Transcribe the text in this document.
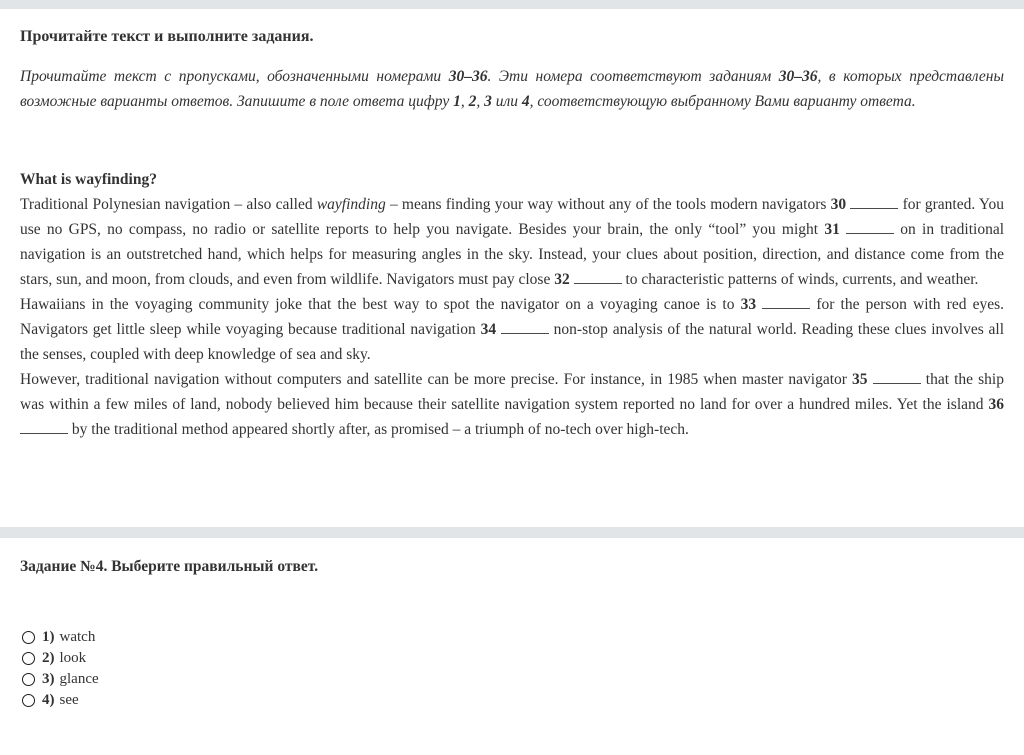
Прочитайте текст и выполните задания.

Прочитайте текст с пропусками, обозначенными номерами 30–36. Эти номера соответствуют заданиям 30–36, в которых представлены возможные варианты ответов. Запишите в поле ответа цифру 1, 2, 3 или 4, соответствующую выбранному Вами варианту ответа.

What is wayfinding?

Traditional Polynesian navigation – also called wayfinding – means finding your way without any of the tools modern navigators 30	for granted. You use no GPS, no compass, no radio or satellite reports to help you navigate. Besides your brain, the only “tool” you might 31	on in traditional navigation is an outstretched hand, which helps for measuring angles in the sky. Instead, your clues about position, direction, and distance come from the stars, sun, and moon, from clouds, and even from wildlife. Navigators must pay close 32	to characteristic patterns of winds, currents, and weather.

Hawaiians in the voyaging community joke that the best way to spot the navigator on a voyaging canoe is to 33	for the person with red eyes. Navigators get little sleep while voyaging because traditional navigation 34	non-stop analysis of the natural world. Reading these clues involves all the senses, coupled with deep knowledge of sea and sky.

However, traditional navigation without computers and satellite can be more precise. For instance, in 1985 when master navigator 35	that the ship was within a few miles of land, nobody believed him because their satellite navigation system reported no land for over a hundred miles. Yet the island 36  by the traditional method appeared shortly after, as promised – a triumph of no-tech over high-tech.

Задание №4. Выберите правильный ответ.
1) watch
2) look
3) glance
4) see
